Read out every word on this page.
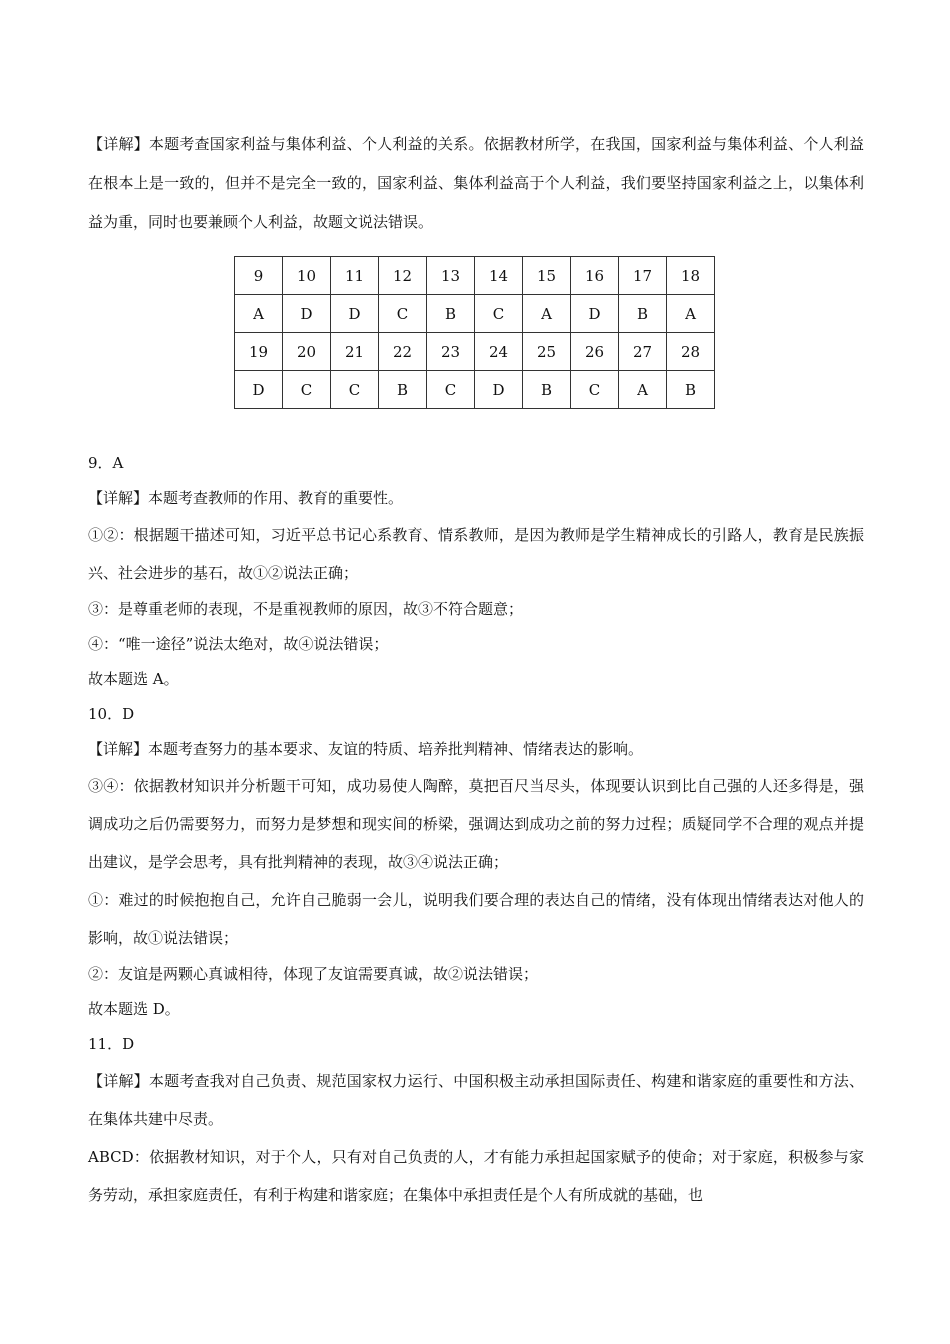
【详解】本题考查国家利益与集体利益、个人利益的关系。依据教材所学，在我国，国家利益与集体利益、个人利益在根本上是一致的，但并不是完全一致的，国家利益、集体利益高于个人利益，我们要坚持国家利益之上，以集体利益为重，同时也要兼顾个人利益，故题文说法错误。

9	10	11	12	13	14	15	16	17	18
A	D	D	C	B	C	A	D	B	A
19	20	21	22	23	24	25	26	27	28
D	C	C	B	C	D	B	C	A	B

9．A

【详解】本题考查教师的作用、教育的重要性。

①②：根据题干描述可知，习近平总书记心系教育、情系教师，是因为教师是学生精神成长的引路人，教育是民族振兴、社会进步的基石，故①②说法正确；

③：是尊重老师的表现，不是重视教师的原因，故③不符合题意；

④：“唯一途径”说法太绝对，故④说法错误；

故本题选 A。

10．D

【详解】本题考查努力的基本要求、友谊的特质、培养批判精神、情绪表达的影响。

③④：依据教材知识并分析题干可知，成功易使人陶醉，莫把百尺当尽头，体现要认识到比自己强的人还多得是，强调成功之后仍需要努力，而努力是梦想和现实间的桥梁，强调达到成功之前的努力过程；质疑同学不合理的观点并提出建议，是学会思考，具有批判精神的表现，故③④说法正确；

①：难过的时候抱抱自己，允许自己脆弱一会儿，说明我们要合理的表达自己的情绪，没有体现出情绪表达对他人的影响，故①说法错误；

②：友谊是两颗心真诚相待，体现了友谊需要真诚，故②说法错误；

故本题选 D。

11．D

【详解】本题考查我对自己负责、规范国家权力运行、中国积极主动承担国际责任、构建和谐家庭的重要性和方法、在集体共建中尽责。

ABCD：依据教材知识，对于个人，只有对自己负责的人，才有能力承担起国家赋予的使命；对于家庭，积极参与家务劳动，承担家庭责任，有利于构建和谐家庭；在集体中承担责任是个人有所成就的基础，也
